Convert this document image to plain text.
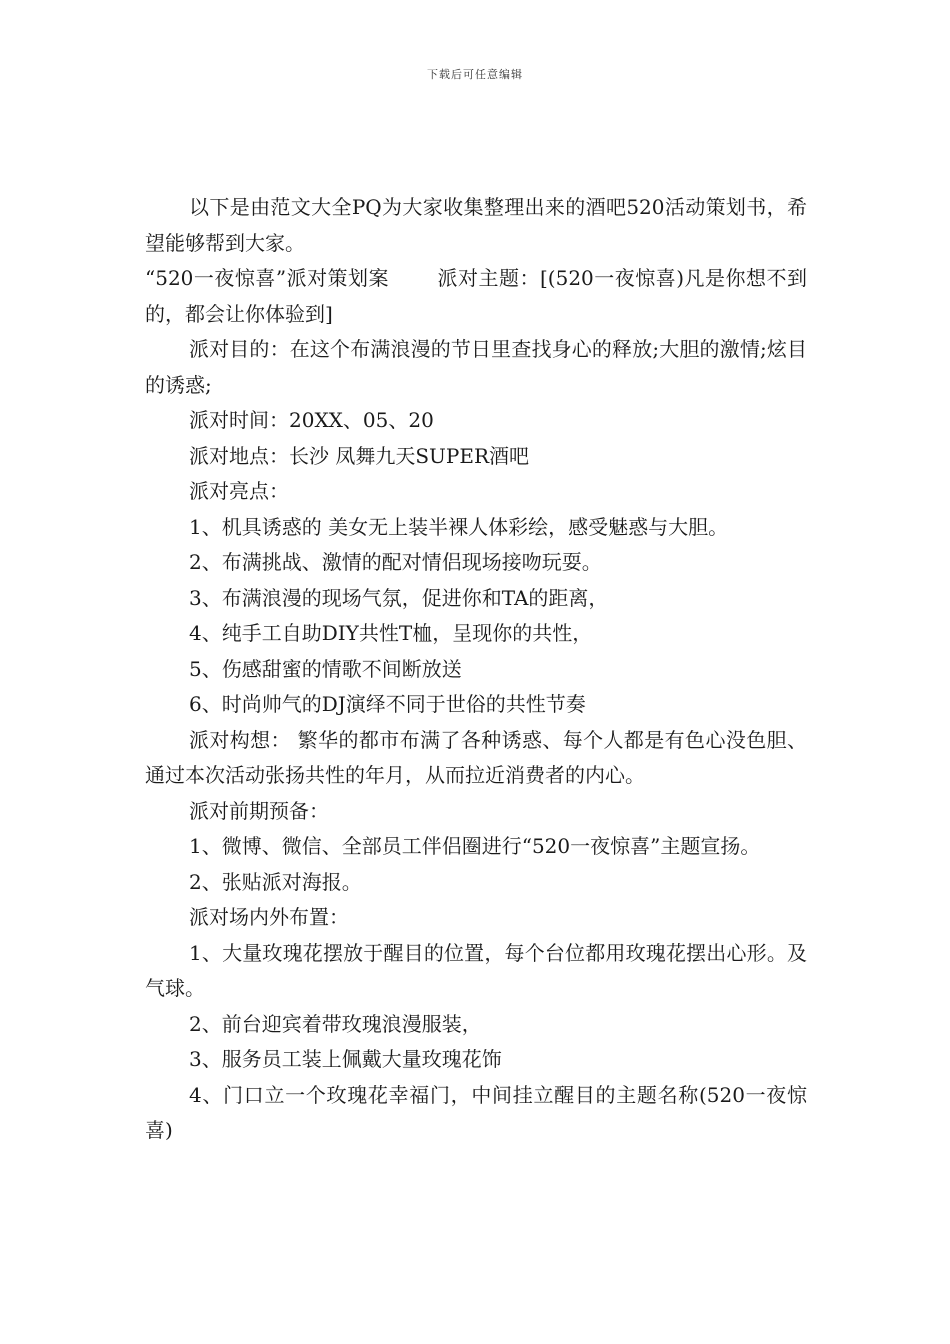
下载后可任意编辑

以下是由范文大全PQ为大家收集整理出来的酒吧520活动策划书，希望能够帮到大家。

“520一夜惊喜”派对策划案 派对主题：[(520一夜惊喜)凡是你想不到的，都会让你体验到]

派对目的：在这个布满浪漫的节日里查找身心的释放;大胆的激情;炫目的诱惑;

派对时间：20XX、05、20

派对地点：长沙 凤舞九天SUPER酒吧

派对亮点：

1、机具诱惑的 美女无上装半裸人体彩绘，感受魅惑与大胆。

2、布满挑战、激情的配对情侣现场接吻玩耍。

3、布满浪漫的现场气氛，促进你和TA的距离，

4、纯手工自助DIY共性T桖，呈现你的共性，

5、伤感甜蜜的情歌不间断放送

6、时尚帅气的DJ演绎不同于世俗的共性节奏

派对构想： 繁华的都市布满了各种诱惑、每个人都是有色心没色胆、通过本次活动张扬共性的年月，从而拉近消费者的内心。

派对前期预备：

1、微博、微信、全部员工伴侣圈进行“520一夜惊喜”主题宣扬。

2、张贴派对海报。

派对场内外布置：

1、大量玫瑰花摆放于醒目的位置，每个台位都用玫瑰花摆出心形。及气球。

2、前台迎宾着带玫瑰浪漫服装，

3、服务员工装上佩戴大量玫瑰花饰

4、门口立一个玫瑰花幸福门，中间挂立醒目的主题名称(520一夜惊喜)
